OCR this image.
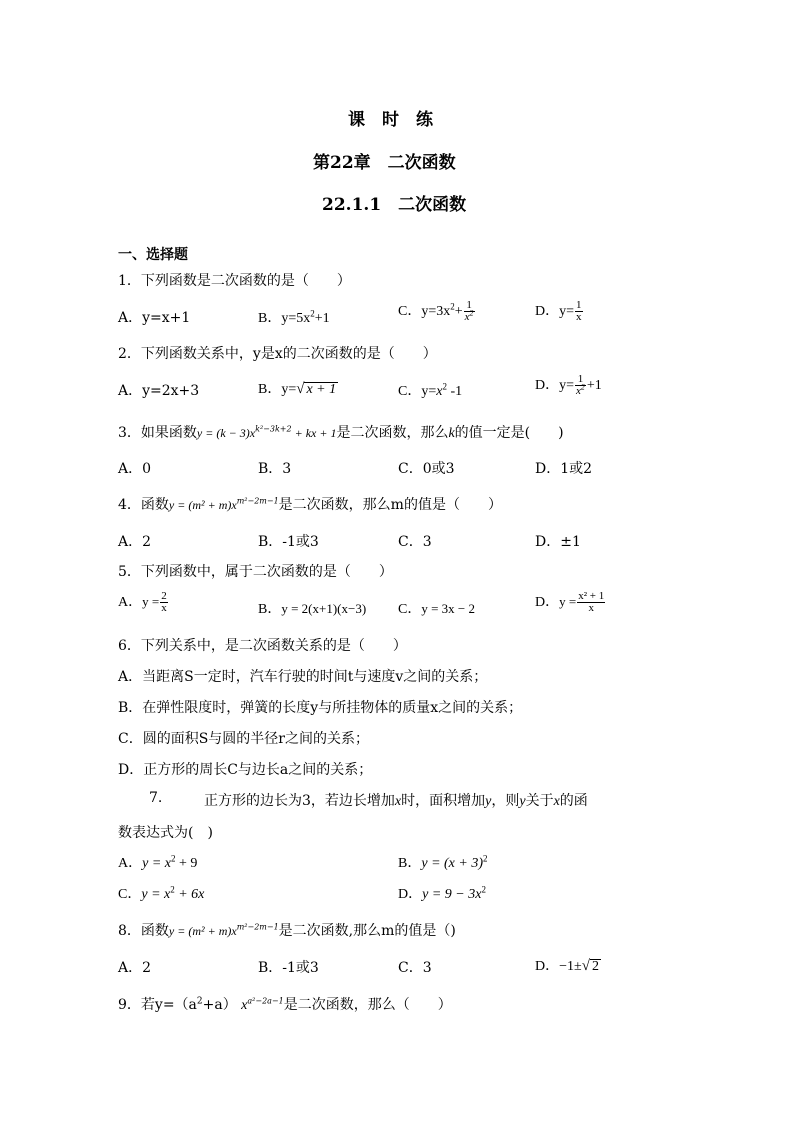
课　时　练
第22章　二次函数
22.1.1　二次函数
一、选择题
1．下列函数是二次函数的是（　　）
A．y=x+1	B．$y=5x^2+1$	C．$y=3x^2+ \frac{1}{x^2}$	D．$y= \frac{1}{x}$
2．下列函数关系中，y是x的二次函数的是（　　）
A．y=2x+3	B．y=√ x + 1	C．$y=x^2$ -1	D．$y= \frac{1}{x^2} +1$
3．如果函数$y = (k - 3)x^{k^2-3k+2}$ + kx + 1是二次函数，那么k的值一定是(　　)
A．0	B．3	C．0或3	D．1或2
4．函数$y = (m^2 + m)x^{m^2-2m-1}$是二次函数，那么m的值是（　　）
A．2	B．-1或3	C．3	D．±1
5．下列函数中，属于二次函数的是（　　）
A．$y = \frac{2}{x}$	B．y = 2(x+1)(x−3) C．y = 3x − 2	D．$y = \frac{\text{x² + 1}}{x}$
6．下列关系中，是二次函数关系的是（　　）
A．当距离S一定时，汽车行驶的时间t与速度v之间的关系；
B．在弹性限度时，弹簧的长度y与所挂物体的质量x之间的关系；
C．圆的面积S与圆的半径r之间的关系；
D．正方形的周长C与边长a之间的关系；
7.	正方形的边长为3，若边长增加x时，面积增加y，则y关于x的函
数表达式为(　)
A．$y = x^2 + 9$	B．$y = (x + 3)^2$
C．$y = x^2 + 6x$	D．$y = 9 - 3x^2$
8．函数$y = (m^2 + m)x^{m^2-2m-1}$是二次函数,那么m的值是（)
A．2	B．-1或3	C．3	D．−1±√ 2
9．若$y=(a^2+a)$ $x^{a^2-2a-1}$是二次函数，那么（　　）
